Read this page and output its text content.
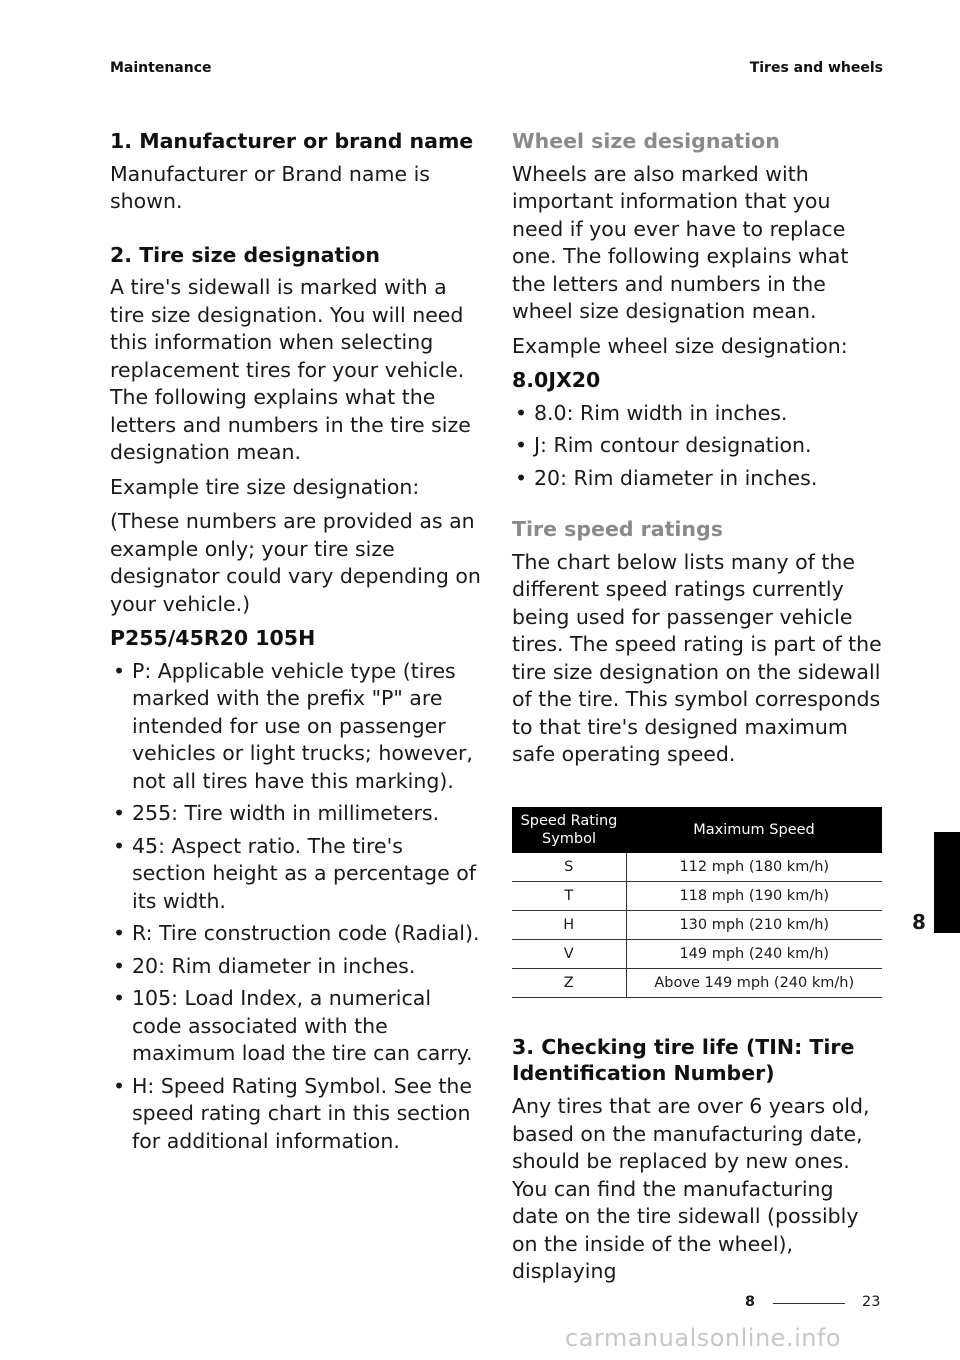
Maintenance	Tires and wheels
1. Manufacturer or brand name

Manufacturer or Brand name is shown.

2. Tire size designation

A tire's sidewall is marked with a tire size designation. You will need this information when selecting replacement tires for your vehicle. The following explains what the letters and numbers in the tire size designation mean.

Example tire size designation:

(These numbers are provided as an example only; your tire size designator could vary depending on your vehicle.)

P255/45R20 105H
• P: Applicable vehicle type (tires marked with the prefix "P" are intended for use on passenger vehicles or light trucks; however, not all tires have this marking).
• 255: Tire width in millimeters.
• 45: Aspect ratio. The tire's section height as a percentage of its width.
• R: Tire construction code (Radial).
• 20: Rim diameter in inches.
• 105: Load Index, a numerical code associated with the maximum load the tire can carry.
• H: Speed Rating Symbol. See the speed rating chart in this section for additional information.
Wheel size designation

Wheels are also marked with important information that you need if you ever have to replace one. The following explains what the letters and numbers in the wheel size designation mean.

Example wheel size designation:

8.0JX20
• 8.0: Rim width in inches.
• J: Rim contour designation.
• 20: Rim diameter in inches.
Tire speed ratings

The chart below lists many of the different speed ratings currently being used for passenger vehicle tires. The speed rating is part of the tire size designation on the sidewall of the tire. This symbol corresponds to that tire's designed maximum safe operating speed.

Speed Rating Symbol	Maximum Speed
S	112 mph (180 km/h)
T	118 mph (190 km/h)
H	130 mph (210 km/h)
V	149 mph (240 km/h)
Z	Above 149 mph (240 km/h)
3. Checking tire life (TIN: Tire Identification Number)

Any tires that are over 6 years old, based on the manufacturing date, should be replaced by new ones. You can find the manufacturing date on the tire sidewall (possibly on the inside of the wheel), displaying

8
8	23
carmanualsonline.info
